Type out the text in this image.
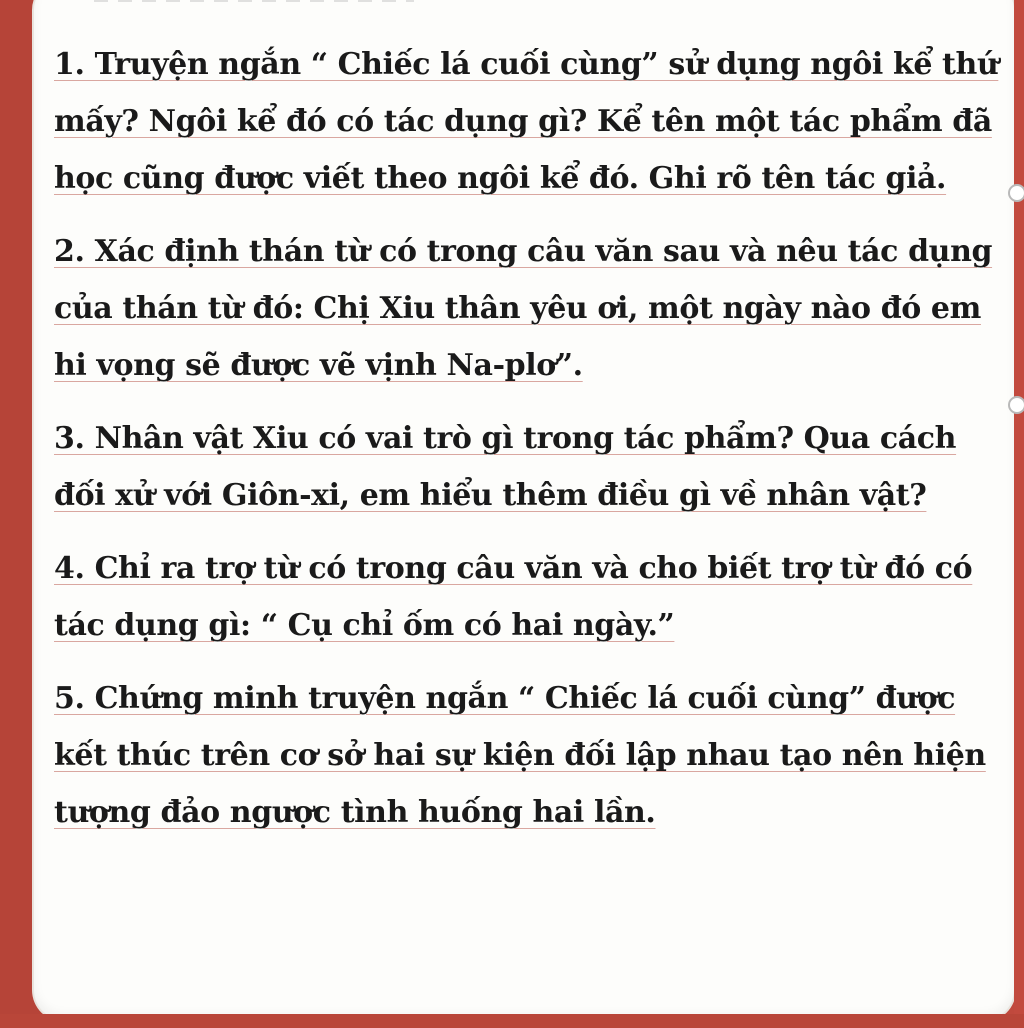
1. Truyện ngắn “ Chiếc lá cuối cùng” sử dụng ngôi kể thứ mấy? Ngôi kể đó có tác dụng gì? Kể tên một tác phẩm đã học cũng được viết theo ngôi kể đó. Ghi rõ tên tác giả.

2. Xác định thán từ có trong câu văn sau và nêu tác dụng của thán từ đó: Chị Xiu thân yêu ơi, một ngày nào đó em hi vọng sẽ được vẽ vịnh Na-plơ”.

3. Nhân vật Xiu có vai trò gì trong tác phẩm? Qua cách đối xử với Giôn-xi, em hiểu thêm điều gì về nhân vật?

4. Chỉ ra trợ từ có trong câu văn và cho biết trợ từ đó có tác dụng gì: “ Cụ chỉ ốm có hai ngày.”

5. Chứng minh truyện ngắn “ Chiếc lá cuối cùng” được kết thúc trên cơ sở hai sự kiện đối lập nhau tạo nên hiện tượng đảo ngược tình huống hai lần.
